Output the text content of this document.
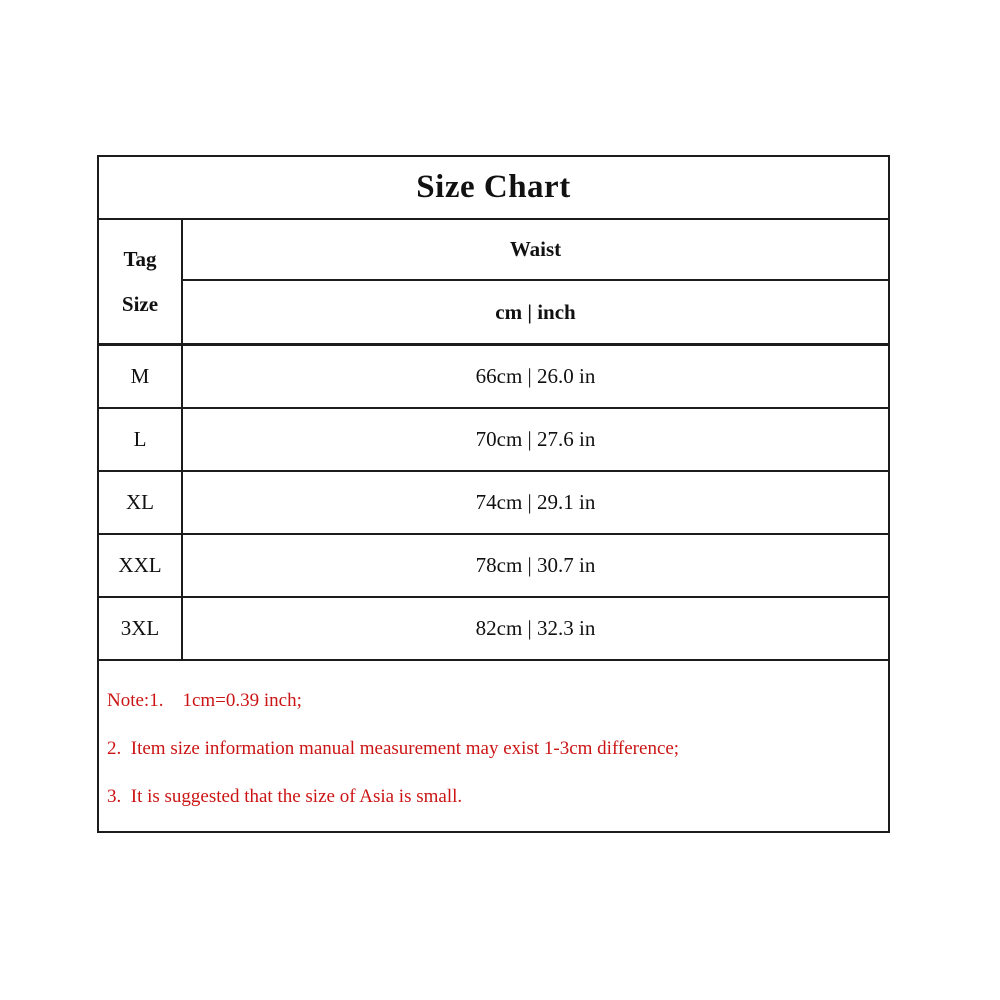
Size Chart
Tag
Size
Waist
cm | inch
M	66cm | 26.0 in
L	70cm | 27.6 in
XL	74cm | 29.1 in
XXL	78cm | 30.7 in
3XL	82cm | 32.3 in

Note:1.    1cm=0.39 inch;

2.  Item size information manual measurement may exist 1-3cm difference;

3.  It is suggested that the size of Asia is small.
